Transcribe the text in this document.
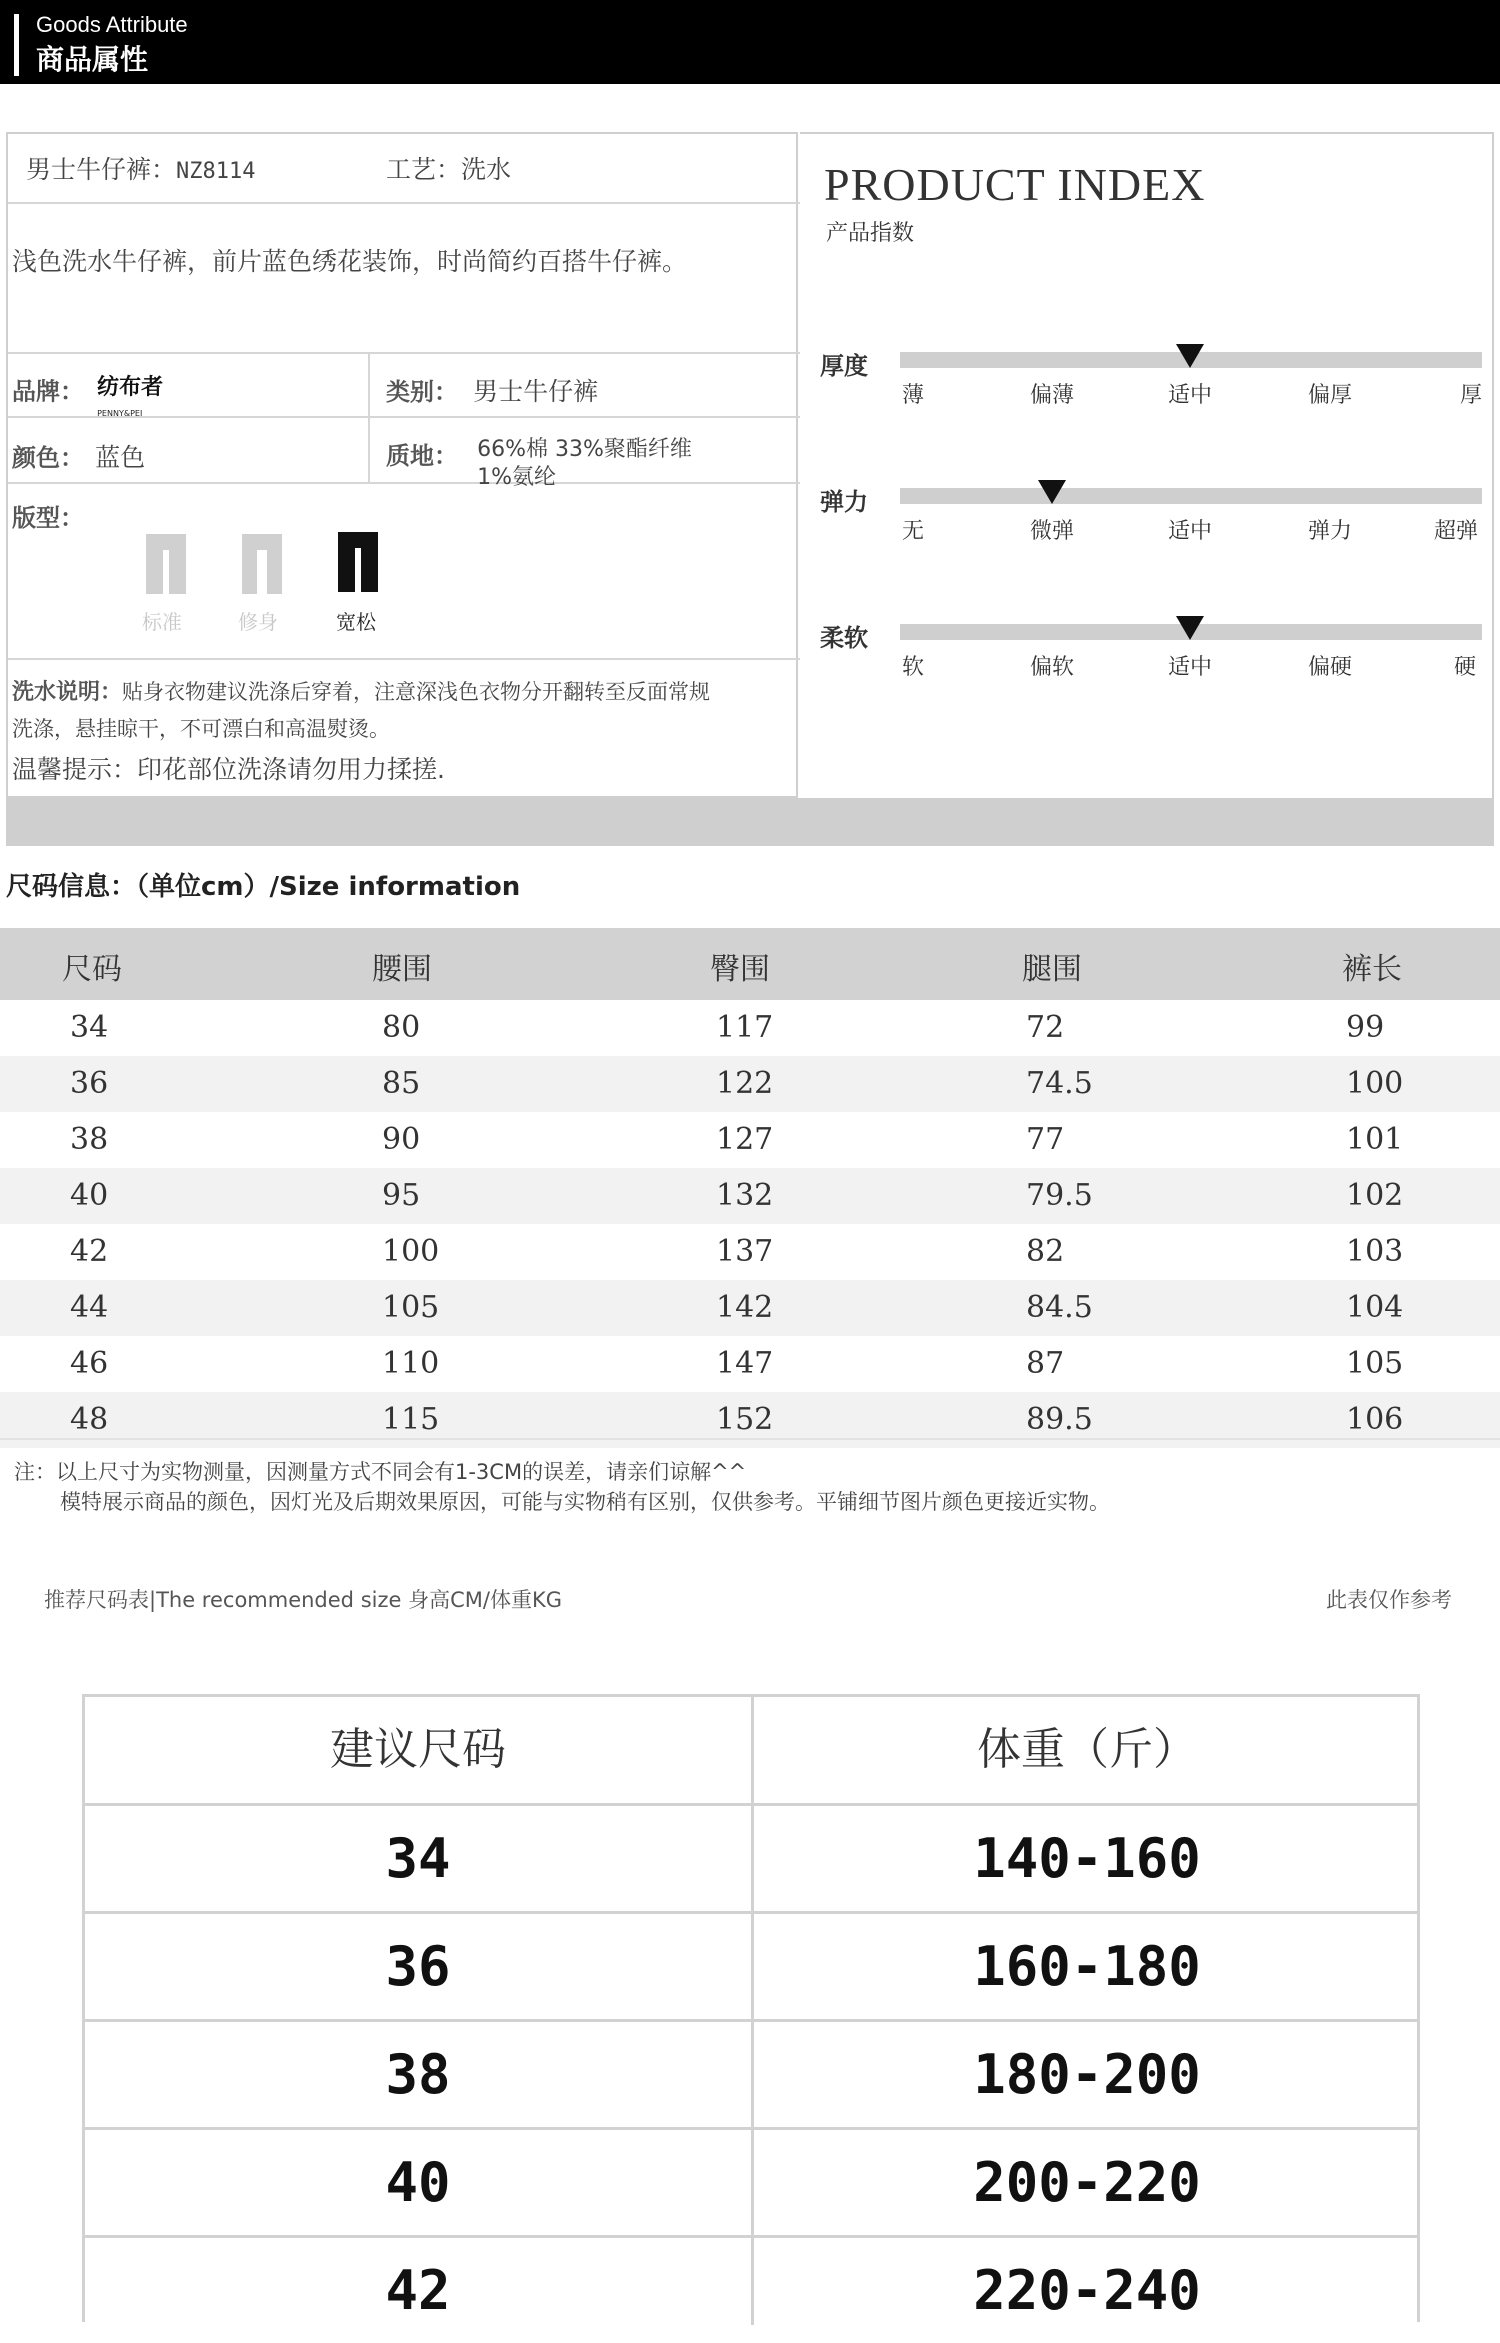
Goods Attribute
商品属性
男士牛仔裤：NZ8114	工艺：洗水
浅色洗水牛仔裤，前片蓝色绣花装饰，时尚简约百搭牛仔裤。
品牌： 纺布者
PENNY&PEI
类别： 男士牛仔裤
颜色： 蓝色	质地： 66%棉 33%聚酯纤维
1%氨纶
版型：
标准	修身	宽松
洗水说明：贴身衣物建议洗涤后穿着，注意深浅色衣物分开翻转至反面常规
洗涤，悬挂晾干，不可漂白和高温熨烫。
温馨提示：印花部位洗涤请勿用力揉搓.
PRODUCT INDEX
产品指数
厚度
薄	偏薄	适中	偏厚	厚
弹力
无	微弹	适中	弹力	超弹
柔软
软	偏软	适中	偏硬	硬
尺码信息：（单位cm）/Size information
尺码	腰围	臀围	腿围	裤长
34	80	117	72	99
36	85	122	74.5	100
38	90	127	77	101
40	95	132	79.5	102
42	100	137	82	103
44	105	142	84.5	104
46	110	147	87	105
48	115	152	89.5	106
注：以上尺寸为实物测量，因测量方式不同会有1-3CM的误差，请亲们谅解^^
模特展示商品的颜色，因灯光及后期效果原因，可能与实物稍有区别，仅供参考。平铺细节图片颜色更接近实物。
推荐尺码表|The recommended size 身高CM/体重KG	此表仅作参考
建议尺码	体重（斤）
34	140-160
36	160-180
38	180-200
40	200-220
42	220-240
